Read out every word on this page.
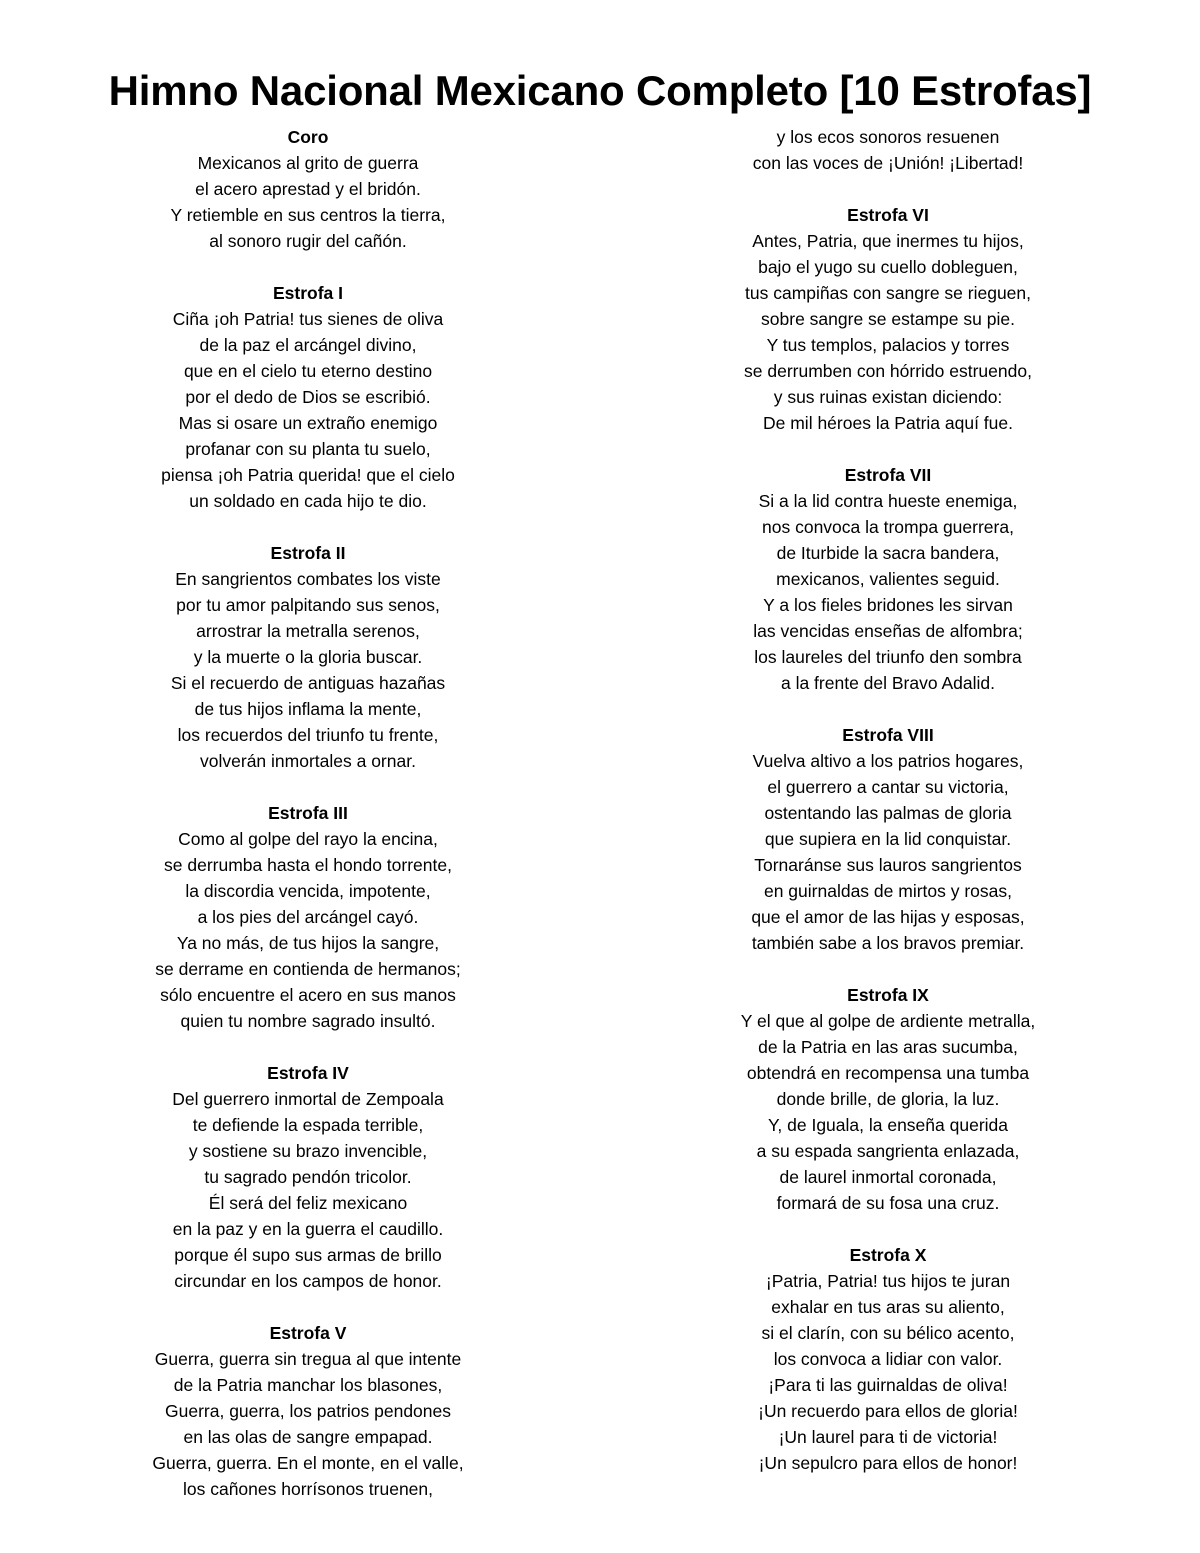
Himno Nacional Mexicano Completo [10 Estrofas]
Coro
Mexicanos al grito de guerra
el acero aprestad y el bridón.
Y retiemble en sus centros la tierra,
al sonoro rugir del cañón.
Estrofa I
Ciña ¡oh Patria! tus sienes de oliva
de la paz el arcángel divino,
que en el cielo tu eterno destino
por el dedo de Dios se escribió.
Mas si osare un extraño enemigo
profanar con su planta tu suelo,
piensa ¡oh Patria querida! que el cielo
un soldado en cada hijo te dio.
Estrofa II
En sangrientos combates los viste
por tu amor palpitando sus senos,
arrostrar la metralla serenos,
y la muerte o la gloria buscar.
Si el recuerdo de antiguas hazañas
de tus hijos inflama la mente,
los recuerdos del triunfo tu frente,
volverán inmortales a ornar.
Estrofa III
Como al golpe del rayo la encina,
se derrumba hasta el hondo torrente,
la discordia vencida, impotente,
a los pies del arcángel cayó.
Ya no más, de tus hijos la sangre,
se derrame en contienda de hermanos;
sólo encuentre el acero en sus manos
quien tu nombre sagrado insultó.
Estrofa IV
Del guerrero inmortal de Zempoala
te defiende la espada terrible,
y sostiene su brazo invencible,
tu sagrado pendón tricolor.
Él será del feliz mexicano
en la paz y en la guerra el caudillo.
porque él supo sus armas de brillo
circundar en los campos de honor.
Estrofa V
Guerra, guerra sin tregua al que intente
de la Patria manchar los blasones,
Guerra, guerra, los patrios pendones
en las olas de sangre empapad.
Guerra, guerra. En el monte, en el valle,
los cañones horrísonos truenen,
y los ecos sonoros resuenen
con las voces de ¡Unión! ¡Libertad!
Estrofa VI
Antes, Patria, que inermes tu hijos,
bajo el yugo su cuello dobleguen,
tus campiñas con sangre se rieguen,
sobre sangre se estampe su pie.
Y tus templos, palacios y torres
se derrumben con hórrido estruendo,
y sus ruinas existan diciendo:
De mil héroes la Patria aquí fue.
Estrofa VII
Si a la lid contra hueste enemiga,
nos convoca la trompa guerrera,
de Iturbide la sacra bandera,
mexicanos, valientes seguid.
Y a los fieles bridones les sirvan
las vencidas enseñas de alfombra;
los laureles del triunfo den sombra
a la frente del Bravo Adalid.
Estrofa VIII
Vuelva altivo a los patrios hogares,
el guerrero a cantar su victoria,
ostentando las palmas de gloria
que supiera en la lid conquistar.
Tornaránse sus lauros sangrientos
en guirnaldas de mirtos y rosas,
que el amor de las hijas y esposas,
también sabe a los bravos premiar.
Estrofa IX
Y el que al golpe de ardiente metralla,
de la Patria en las aras sucumba,
obtendrá en recompensa una tumba
donde brille, de gloria, la luz.
Y, de Iguala, la enseña querida
a su espada sangrienta enlazada,
de laurel inmortal coronada,
formará de su fosa una cruz.
Estrofa X
¡Patria, Patria! tus hijos te juran
exhalar en tus aras su aliento,
si el clarín, con su bélico acento,
los convoca a lidiar con valor.
¡Para ti las guirnaldas de oliva!
¡Un recuerdo para ellos de gloria!
¡Un laurel para ti de victoria!
¡Un sepulcro para ellos de honor!
